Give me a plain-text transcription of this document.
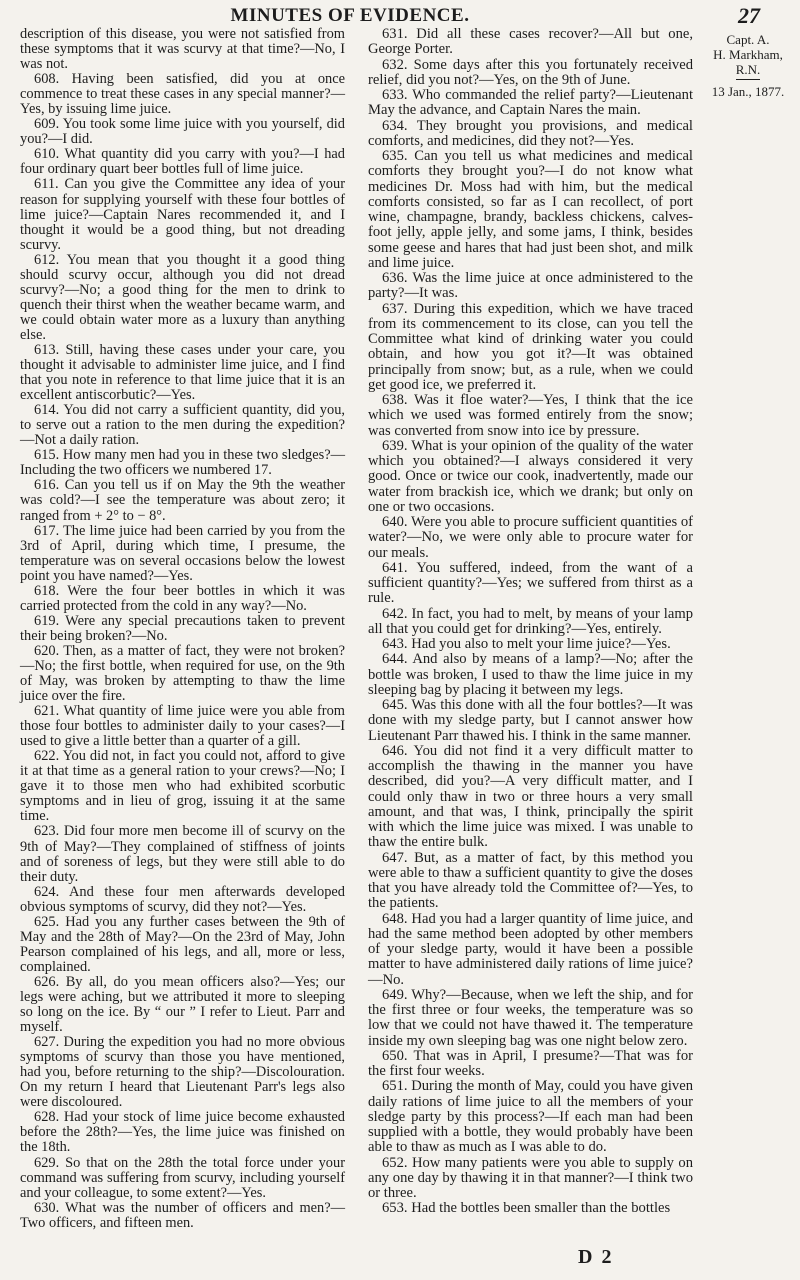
MINUTES OF EVIDENCE.	27

description of this disease, you were not satisfied from these symptoms that it was scurvy at that time?—No, I was not.

608. Having been satisfied, did you at once commence to treat these cases in any special manner?—Yes, by issuing lime juice.

609. You took some lime juice with you yourself, did you?—I did.

610. What quantity did you carry with you?—I had four ordinary quart beer bottles full of lime juice.

611. Can you give the Committee any idea of your reason for supplying yourself with these four bottles of lime juice?—Captain Nares recommended it, and I thought it would be a good thing, but not dreading scurvy.

612. You mean that you thought it a good thing should scurvy occur, although you did not dread scurvy?—No; a good thing for the men to drink to quench their thirst when the weather became warm, and we could obtain water more as a luxury than anything else.

613. Still, having these cases under your care, you thought it advisable to administer lime juice, and I find that you note in reference to that lime juice that it is an excellent antiscorbutic?—Yes.

614. You did not carry a sufficient quantity, did you, to serve out a ration to the men during the expedition?—Not a daily ration.

615. How many men had you in these two sledges?—Including the two officers we numbered 17.

616. Can you tell us if on May the 9th the weather was cold?—I see the temperature was about zero; it ranged from + 2° to − 8°.

617. The lime juice had been carried by you from the 3rd of April, during which time, I presume, the temperature was on several occasions below the lowest point you have named?—Yes.

618. Were the four beer bottles in which it was carried protected from the cold in any way?—No.

619. Were any special precautions taken to prevent their being broken?—No.

620. Then, as a matter of fact, they were not broken?—No; the first bottle, when required for use, on the 9th of May, was broken by attempting to thaw the lime juice over the fire.

621. What quantity of lime juice were you able from those four bottles to administer daily to your cases?—I used to give a little better than a quarter of a gill.

622. You did not, in fact you could not, afford to give it at that time as a general ration to your crews?—No; I gave it to those men who had exhibited scorbutic symptoms and in lieu of grog, issuing it at the same time.

623. Did four more men become ill of scurvy on the 9th of May?—They complained of stiffness of joints and of soreness of legs, but they were still able to do their duty.

624. And these four men afterwards developed obvious symptoms of scurvy, did they not?—Yes.

625. Had you any further cases between the 9th of May and the 28th of May?—On the 23rd of May, John Pearson complained of his legs, and all, more or less, complained.

626. By all, do you mean officers also?—Yes; our legs were aching, but we attributed it more to sleeping so long on the ice. By “ our ” I refer to Lieut. Parr and myself.

627. During the expedition you had no more obvious symptoms of scurvy than those you have mentioned, had you, before returning to the ship?—Discolouration. On my return I heard that Lieutenant Parr's legs also were discoloured.

628. Had your stock of lime juice become exhausted before the 28th?—Yes, the lime juice was finished on the 18th.

629. So that on the 28th the total force under your command was suffering from scurvy, including yourself and your colleague, to some extent?—Yes.

630. What was the number of officers and men?—Two officers, and fifteen men.

631. Did all these cases recover?—All but one, George Porter.

632. Some days after this you fortunately received relief, did you not?—Yes, on the 9th of June.

633. Who commanded the relief party?—Lieutenant May the advance, and Captain Nares the main.

634. They brought you provisions, and medical comforts, and medicines, did they not?—Yes.

635. Can you tell us what medicines and medical comforts they brought you?—I do not know what medicines Dr. Moss had with him, but the medical comforts consisted, so far as I can recollect, of port wine, champagne, brandy, backless chickens, calves-foot jelly, apple jelly, and some jams, I think, besides some geese and hares that had just been shot, and milk and lime juice.

636. Was the lime juice at once administered to the party?—It was.

637. During this expedition, which we have traced from its commencement to its close, can you tell the Committee what kind of drinking water you could obtain, and how you got it?—It was obtained principally from snow; but, as a rule, when we could get good ice, we preferred it.

638. Was it floe water?—Yes, I think that the ice which we used was formed entirely from the snow; was converted from snow into ice by pressure.

639. What is your opinion of the quality of the water which you obtained?—I always considered it very good. Once or twice our cook, inadvertently, made our water from brackish ice, which we drank; but only on one or two occasions.

640. Were you able to procure sufficient quantities of water?—No, we were only able to procure water for our meals.

641. You suffered, indeed, from the want of a sufficient quantity?—Yes; we suffered from thirst as a rule.

642. In fact, you had to melt, by means of your lamp all that you could get for drinking?—Yes, entirely.

643. Had you also to melt your lime juice?—Yes.

644. And also by means of a lamp?—No; after the bottle was broken, I used to thaw the lime juice in my sleeping bag by placing it between my legs.

645. Was this done with all the four bottles?—It was done with my sledge party, but I cannot answer how Lieutenant Parr thawed his. I think in the same manner.

646. You did not find it a very difficult matter to accomplish the thawing in the manner you have described, did you?—A very difficult matter, and I could only thaw in two or three hours a very small amount, and that was, I think, principally the spirit with which the lime juice was mixed. I was unable to thaw the entire bulk.

647. But, as a matter of fact, by this method you were able to thaw a sufficient quantity to give the doses that you have already told the Committee of?—Yes, to the patients.

648. Had you had a larger quantity of lime juice, and had the same method been adopted by other members of your sledge party, would it have been a possible matter to have administered daily rations of lime juice?—No.

649. Why?—Because, when we left the ship, and for the first three or four weeks, the temperature was so low that we could not have thawed it. The temperature inside my own sleeping bag was one night below zero.

650. That was in April, I presume?—That was for the first four weeks.

651. During the month of May, could you have given daily rations of lime juice to all the members of your sledge party by this process?—If each man had been supplied with a bottle, they would probably have been able to thaw as much as I was able to do.

652. How many patients were you able to supply on any one day by thawing it in that manner?—I think two or three.

653. Had the bottles been smaller than the bottles

Capt. A.
H. Markham,
R.N.
13 Jan., 1877.
D 2
